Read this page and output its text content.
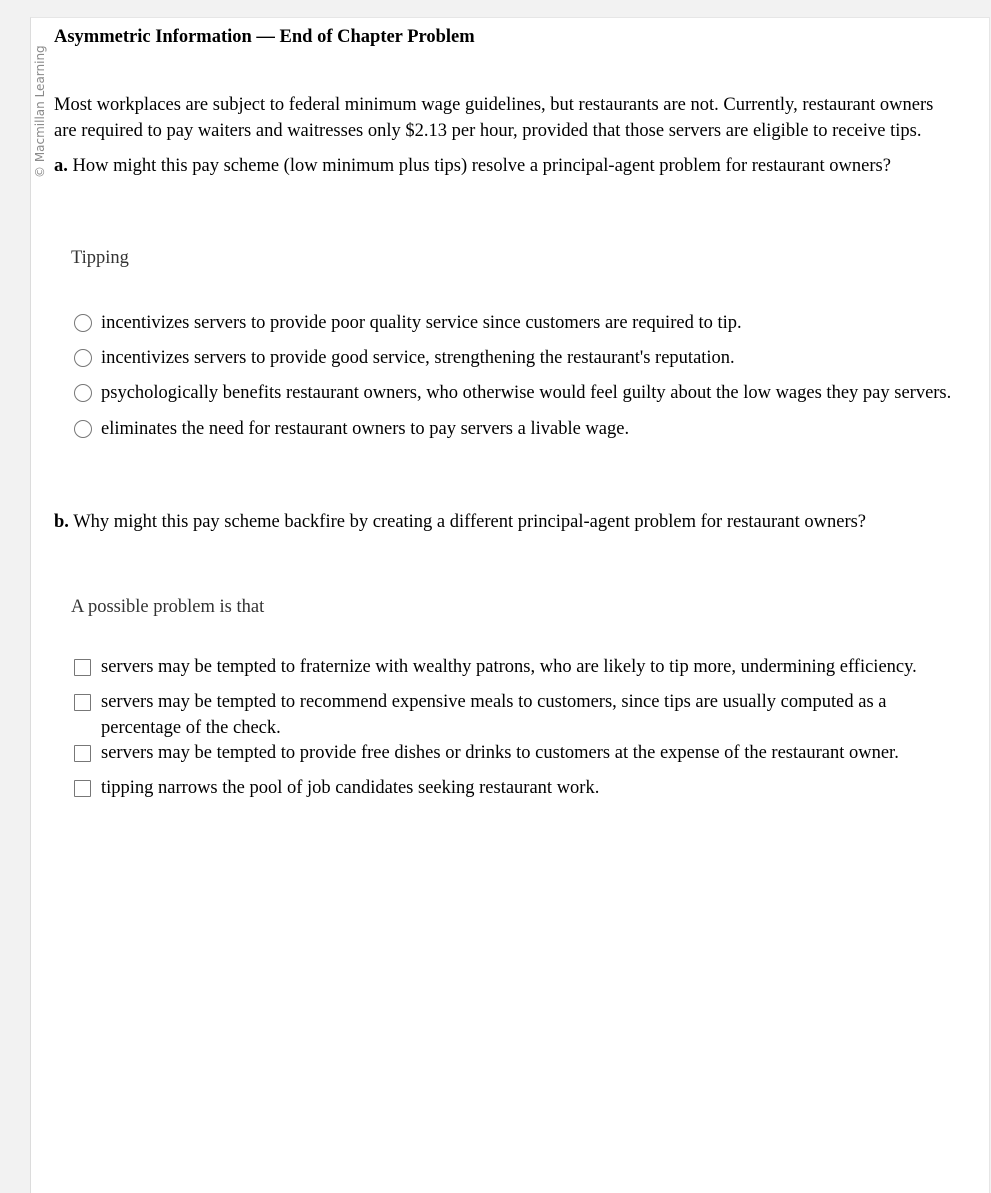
© Macmillan Learning
Asymmetric Information — End of Chapter Problem
Most workplaces are subject to federal minimum wage guidelines, but restaurants are not. Currently, restaurant owners are required to pay waiters and waitresses only $2.13 per hour, provided that those servers are eligible to receive tips.
a. How might this pay scheme (low minimum plus tips) resolve a principal-agent problem for restaurant owners?
Tipping
incentivizes servers to provide poor quality service since customers are required to tip.
incentivizes servers to provide good service, strengthening the restaurant's reputation.
psychologically benefits restaurant owners, who otherwise would feel guilty about the low wages they pay servers.
eliminates the need for restaurant owners to pay servers a livable wage.
b. Why might this pay scheme backfire by creating a different principal-agent problem for restaurant owners?
A possible problem is that
servers may be tempted to fraternize with wealthy patrons, who are likely to tip more, undermining efficiency.
servers may be tempted to recommend expensive meals to customers, since tips are usually computed as a percentage of the check.
servers may be tempted to provide free dishes or drinks to customers at the expense of the restaurant owner.
tipping narrows the pool of job candidates seeking restaurant work.
